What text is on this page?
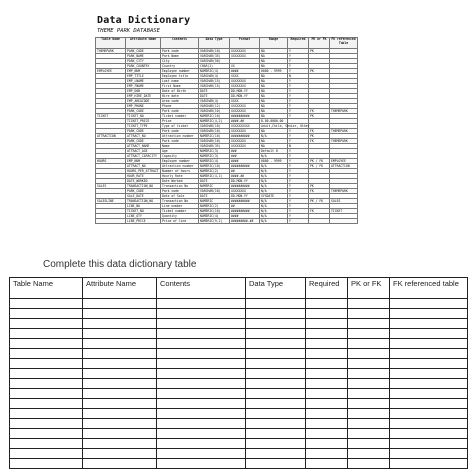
Data Dictionary
THEME PARK DATABASE
Table Name	Attribute Name	Contents	Data Type	Format	Range	Required	PK or FK	FK referenced Table
THEMEPARK	PARK_CODE	Park code	VARCHAR(10)	XXXXXXXX	NA	Y	PK	
	PARK_NAME	Park Name	VARCHAR(35)	XXXXXXXX	NA	Y		
	PARK_CITY	City	VARCHAR(50)		NA	Y		
	PARK_COUNTRY	Country	CHAR(2)	XX	NA	Y		
EMPLOYEE	EMP_NUM	Employee number	NUMERIC(4)	####	0000 - 9999	Y	PK	
	EMP_TITLE	Employee title	VARCHAR(4)	XXXX	NA	N		
	EMP_LNAME	Last name	VARCHAR(15)	XXXXXXXX	NA	Y		
	EMP_FNAME	First Name	VARCHAR(15)	XXXXXXXX	NA	Y		
	EMP_DOB	Date of Birth	DATE	DD-MON-YY	NA	Y		
	EMP_HIRE_DATE	Hire date	DATE	DD-MON-YY	NA	Y		
	EMP_AREACODE	Area code	VARCHAR(4)	XXXX	NA	Y		
	EMP_PHONE	Phone	VARCHAR(12)	XXXXXXXX	NA	Y		
	PARK_CODE	Park code	VARCHAR(10)	XXXXXXXX	NA	Y	FK	THEMEPARK
TICKET	TICKET_NO	Ticket number	NUMERIC(10)	##########	NA	Y	PK	
	TICKET_PRICE	Price	NUMERIC(4,2)	####.##	0.00-0000.00			
	TICKET_TYPE	Type of ticket	VARCHAR(10)	XXXXXXXXXX	Adult,Child, Senior, Other			
	PARK_CODE	Park code	VARCHAR(10)	XXXXXXXX	NA	Y	FK	THEMEPARK
ATTRACTION	ATTRACT_NO	Attraction number	NUMERIC(10)	##########	N/A	Y	PK	
	PARK_CODE	Park code	VARCHAR(10)	XXXXXXXX	NA	Y	FK	THEMEPARK
	ATTRACT_NAME	Name	VARCHAR(35)	XXXXXXXX	NA	N		
	ATTRACT_AGE	Age	NUMERIC(3)	###	Default 0	Y		
	ATTRACT_CAPACITY	Capacity	NUMERIC(3)	###	N/A	Y		
HOURS	EMP_NUM	Employee number	NUMERIC(4)	####	0000 - 9999	Y	PK / FK	EMPLOYEE
	ATTRACT_NO	Attraction number	NUMERIC(10)	##########	N/A	Y	PK / FK	ATTRACTION
	HOURS_PER_ATTRACT	Number of hours	NUMERIC(2)	##	N/A	Y		
	HOUR_RATE	Hourly Rate	NUMERIC(4,2)	####.##	N/A	Y		
	DATE_WORKED	Date Worked	DATE	DD-MON-YY	N/A	Y		
SALES	TRANSACTION_NO	Transaction No	NUMERIC	##########	N/A	Y	PK	
	PARK_CODE	Park code	VARCHAR(10)	XXXXXXXX	N/A	Y	FK	THEMEPARK
	SALE_DATE	Date of Sale	DATE	DD-MON-YY	SYSDATE	Y		
SALESLINE	TRANSACTION_NO	Transaction No	NUMERIC	##########	N/A	Y	PK / FK	SALES
	LINE_NO	Line number	NUMERIC(2)	##	N/A	Y		
	TICKET_NO	Ticket number	NUMERIC(10)	##########	N/A	Y	FK	TICKET
	LINE_QTY	Quantity	NUMERIC(4)	####	N/A	Y		
	LINE_PRICE	Price of line	NUMERIC(9,2)	#########.##	N/A	Y		
Complete this data dictionary table
Table Name	Attribute Name	Contents	Data Type	Required	PK or FK	FK referenced table
